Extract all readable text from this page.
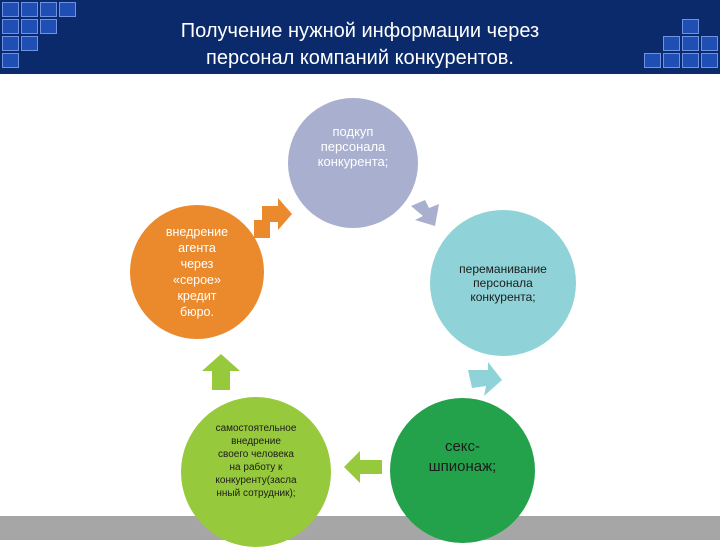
Получение нужной информации через
персонал компаний конкурентов.
подкуп
персонала
конкурента;
переманивание
персонала
конкурента;
секс-
шпионаж;
самостоятельное
внедрение
своего человека
на работу к
конкуренту(засла
нный сотрудник);
внедрение
агента
через
«серое»
кредит
бюро.
